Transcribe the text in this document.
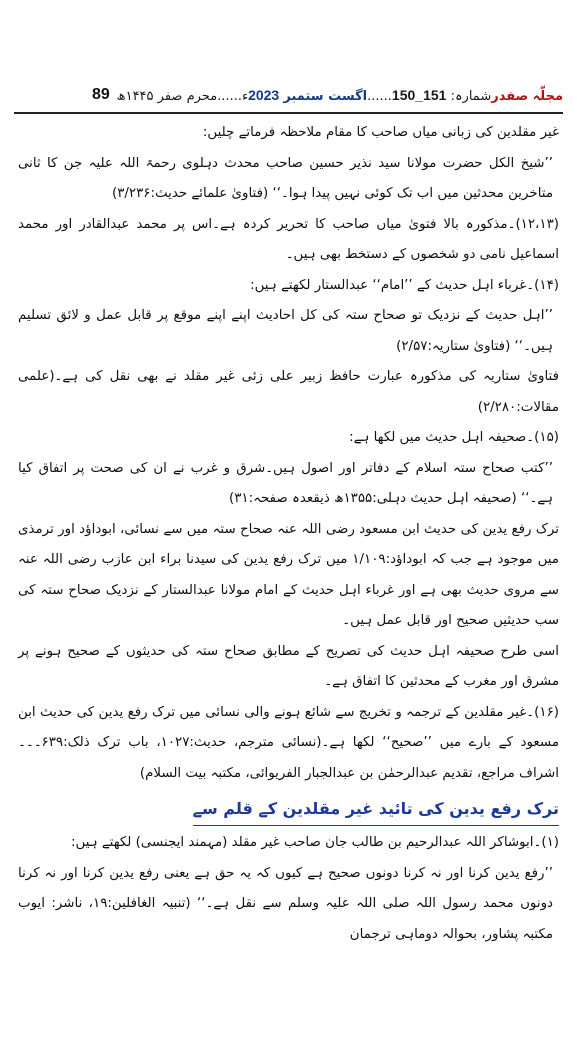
89	مجلّہ صفدرشمارہ: 151_150......اگست ستمبر 2023ء......محرم صفر ۱۴۴۵ھ

غیر مقلدین کی زبانی میاں صاحب کا مقام ملاحظہ فرماتے چلیں:

’’شیخ الکل حضرت مولانا سید نذیر حسین صاحب محدث دہلوی رحمۃ اللہ علیہ جن کا ثانی متاخرین محدثین میں اب تک کوئی نہیں پیدا ہوا۔‘‘ (فتاویٰ علمائے حدیث:۳/۲۳۶)

(۱۲،۱۳)۔مذکورہ بالا فتویٰ میاں صاحب کا تحریر کردہ ہے۔اس پر محمد عبدالقادر اور محمد اسماعیل نامی دو شخصوں کے دستخط بھی ہیں۔

(۱۴)۔غرباء اہل حدیث کے ’’امام‘‘ عبدالستار لکھتے ہیں:

’’اہل حدیث کے نزدیک تو صحاح ستہ کی کل احادیث اپنے اپنے موقع پر قابل عمل و لائق تسلیم ہیں۔‘‘ (فتاویٰ ستاریہ:۲/۵۷)

فتاویٰ ستاریہ کی مذکورہ عبارت حافظ زبیر علی زئی غیر مقلد نے بھی نقل کی ہے۔(علمی مقالات:۲/۲۸۰)

(۱۵)۔صحیفہ اہل حدیث میں لکھا ہے:

’’کتب صحاح ستہ اسلام کے دفاتر اور اصول ہیں۔شرق و غرب نے ان کی صحت پر اتفاق کیا ہے۔‘‘ (صحیفہ اہل حدیث دہلی:۱۳۵۵ھ ذیقعدہ صفحہ:۳۱)

ترک رفع یدین کی حدیث ابن مسعود رضی اللہ عنہ صحاح ستہ میں سے نسائی، ابوداؤد اور ترمذی میں موجود ہے جب کہ ابوداؤد:۱/۱۰۹ میں ترک رفع یدین کی سیدنا براء ابن عازب رضی اللہ عنہ سے مروی حدیث بھی ہے اور غرباء اہل حدیث کے امام مولانا عبدالستار کے نزدیک صحاح ستہ کی سب حدیثیں صحیح اور قابل عمل ہیں۔

اسی طرح صحیفہ اہل حدیث کی تصریح کے مطابق صحاح ستہ کی حدیثوں کے صحیح ہونے پر مشرق اور مغرب کے محدثین کا اتفاق ہے۔

(۱۶)۔غیر مقلدین کے ترجمہ و تخریج سے شائع ہونے والی نسائی میں ترک رفع یدین کی حدیث ابن مسعود کے بارے میں ’’صحیح‘‘ لکھا ہے۔(نسائی مترجم، حدیث:۱۰۲۷، باب ترک ذلک:۶۳۹۔۔۔اشراف مراجع، تقدیم عبدالرحمٰن بن عبدالجبار الفریوائی، مکتبہ بیت السلام)

ترک رفع یدین کی تائید غیر مقلدین کے قلم سے

(۱)۔ابوشاکر اللہ عبدالرحیم بن طالب جان صاحب غیر مقلد (مہمند ایجنسی) لکھتے ہیں:

’’رفع یدین کرنا اور نہ کرنا دونوں صحیح ہے کیوں کہ یہ حق ہے یعنی رفع یدین کرنا اور نہ کرنا دونوں محمد رسول اللہ صلی اللہ علیہ وسلم سے نقل ہے۔‘‘ (تنبیہ الغافلین:۱۹، ناشر: ایوب مکتبہ پشاور، بحوالہ دوماہی ترجمان
